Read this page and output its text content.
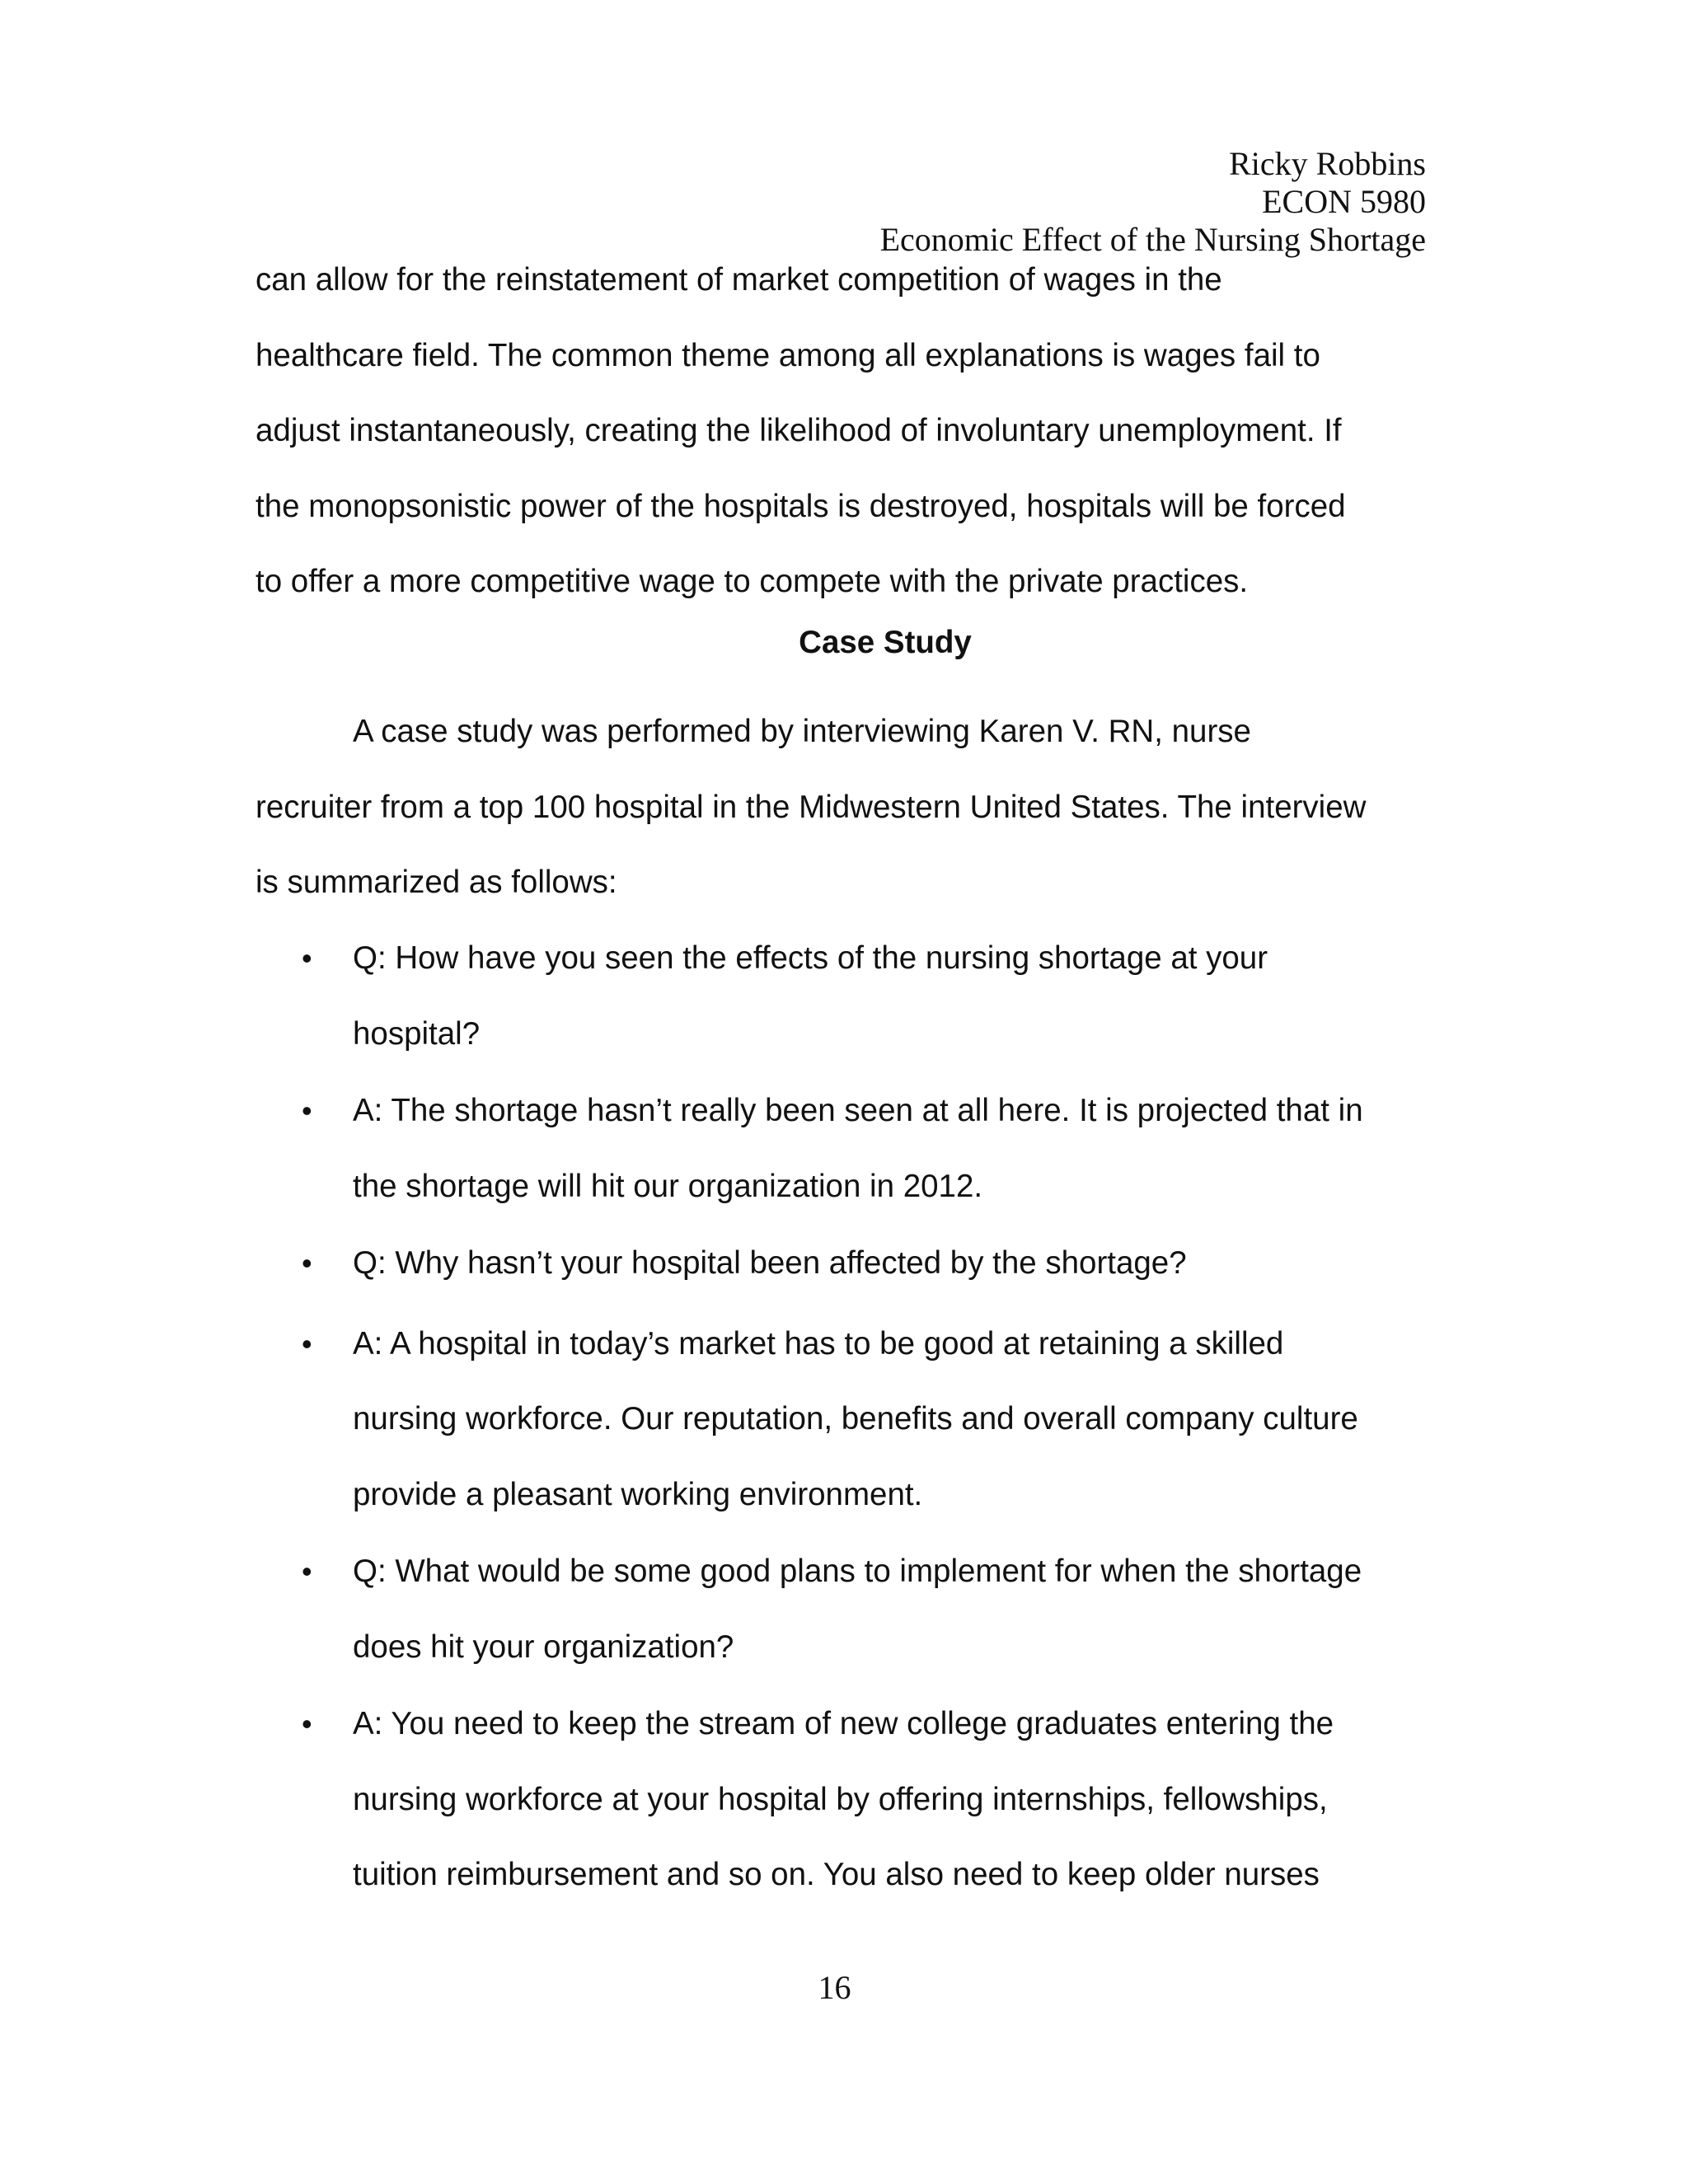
Ricky Robbins
ECON 5980
Economic Effect of the Nursing Shortage
can allow for the reinstatement of market competition of wages in the
healthcare field. The common theme among all explanations is wages fail to
adjust instantaneously, creating the likelihood of involuntary unemployment. If
the monopsonistic power of the hospitals is destroyed, hospitals will be forced
to offer a more competitive wage to compete with the private practices.
Case Study
A case study was performed by interviewing Karen V. RN, nurse
recruiter from a top 100 hospital in the Midwestern United States. The interview
is summarized as follows:
• Q: How have you seen the effects of the nursing shortage at your
hospital?
• A: The shortage hasn’t really been seen at all here. It is projected that in
the shortage will hit our organization in 2012.
• Q: Why hasn’t your hospital been affected by the shortage?
• A: A hospital in today’s market has to be good at retaining a skilled
nursing workforce. Our reputation, benefits and overall company culture
provide a pleasant working environment.
• Q: What would be some good plans to implement for when the shortage
does hit your organization?
• A: You need to keep the stream of new college graduates entering the
nursing workforce at your hospital by offering internships, fellowships,
tuition reimbursement and so on. You also need to keep older nurses
16
